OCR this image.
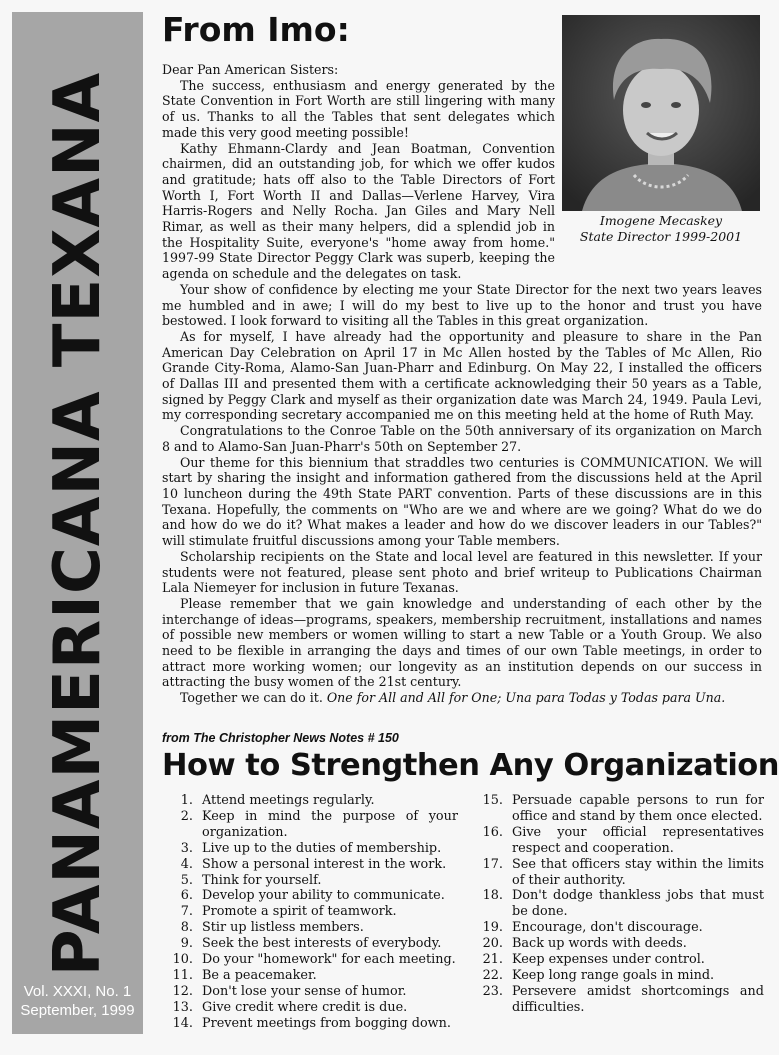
PANAMERICANA TEXANA
Vol. XXXI, No. 1
September, 1999
From Imo:
Imogene Mecaskey
State Director 1999-2001

Dear Pan American Sisters:

The success, enthusiasm and energy generated by the State Convention in Fort Worth are still lingering with many of us. Thanks to all the Tables that sent delegates which made this very good meeting possible!

Kathy Ehmann-Clardy and Jean Boatman, Convention chairmen, did an outstanding job, for which we offer kudos and gratitude; hats off also to the Table Directors of Fort Worth I, Fort Worth II and Dallas—Verlene Harvey, Vira Harris-Rogers and Nelly Rocha. Jan Giles and Mary Nell Rimar, as well as their many helpers, did a splendid job in the Hospitality Suite, everyone's "home away from home." 1997-99 State Director Peggy Clark was superb, keeping the agenda on schedule and the delegates on task.

Your show of confidence by electing me your State Director for the next two years leaves me humbled and in awe; I will do my best to live up to the honor and trust you have bestowed. I look forward to visiting all the Tables in this great organization.

As for myself, I have already had the opportunity and pleasure to share in the Pan American Day Celebration on April 17 in Mc Allen hosted by the Tables of Mc Allen, Rio Grande City-Roma, Alamo-San Juan-Pharr and Edinburg. On May 22, I installed the officers of Dallas III and presented them with a certificate acknowledging their 50 years as a Table, signed by Peggy Clark and myself as their organization date was March 24, 1949. Paula Levi, my corresponding secretary accompanied me on this meeting held at the home of Ruth May.

Congratulations to the Conroe Table on the 50th anniversary of its organization on March 8 and to Alamo-San Juan-Pharr's 50th on September 27.

Our theme for this biennium that straddles two centuries is COMMUNICATION. We will start by sharing the insight and information gathered from the discussions held at the April 10 luncheon during the 49th State PART convention. Parts of these discussions are in this Texana. Hopefully, the comments on "Who are we and where are we going? What do we do and how do we do it? What makes a leader and how do we discover leaders in our Tables?" will stimulate fruitful discussions among your Table members.

Scholarship recipients on the State and local level are featured in this newsletter. If your students were not featured, please sent photo and brief writeup to Publications Chairman Lala Niemeyer for inclusion in future Texanas.

Please remember that we gain knowledge and understanding of each other by the interchange of ideas—programs, speakers, membership recruitment, installations and names of possible new members or women willing to start a new Table or a Youth Group. We also need to be flexible in arranging the days and times of our own Table meetings, in order to attract more working women; our longevity as an institution depends on our success in attracting the busy women of the 21st century.

Together we can do it. One for All and All for One; Una para Todas y Todas para Una.

from The Christopher News Notes # 150
How to Strengthen Any Organization
1. Attend meetings regularly.
2. Keep in mind the purpose of your organization.
3. Live up to the duties of membership.
4. Show a personal interest in the work.
5. Think for yourself.
6. Develop your ability to communicate.
7. Promote a spirit of teamwork.
8. Stir up listless members.
9. Seek the best interests of everybody.
10. Do your "homework" for each meeting.
11. Be a peacemaker.
12. Don't lose your sense of humor.
13. Give credit where credit is due.
14. Prevent meetings from bogging down.
15. Persuade capable persons to run for office and stand by them once elected.
16. Give your official representatives respect and cooperation.
17. See that officers stay within the limits of their authority.
18. Don't dodge thankless jobs that must be done.
19. Encourage, don't discourage.
20. Back up words with deeds.
21. Keep expenses under control.
22. Keep long range goals in mind.
23. Persevere amidst shortcomings and difficulties.
